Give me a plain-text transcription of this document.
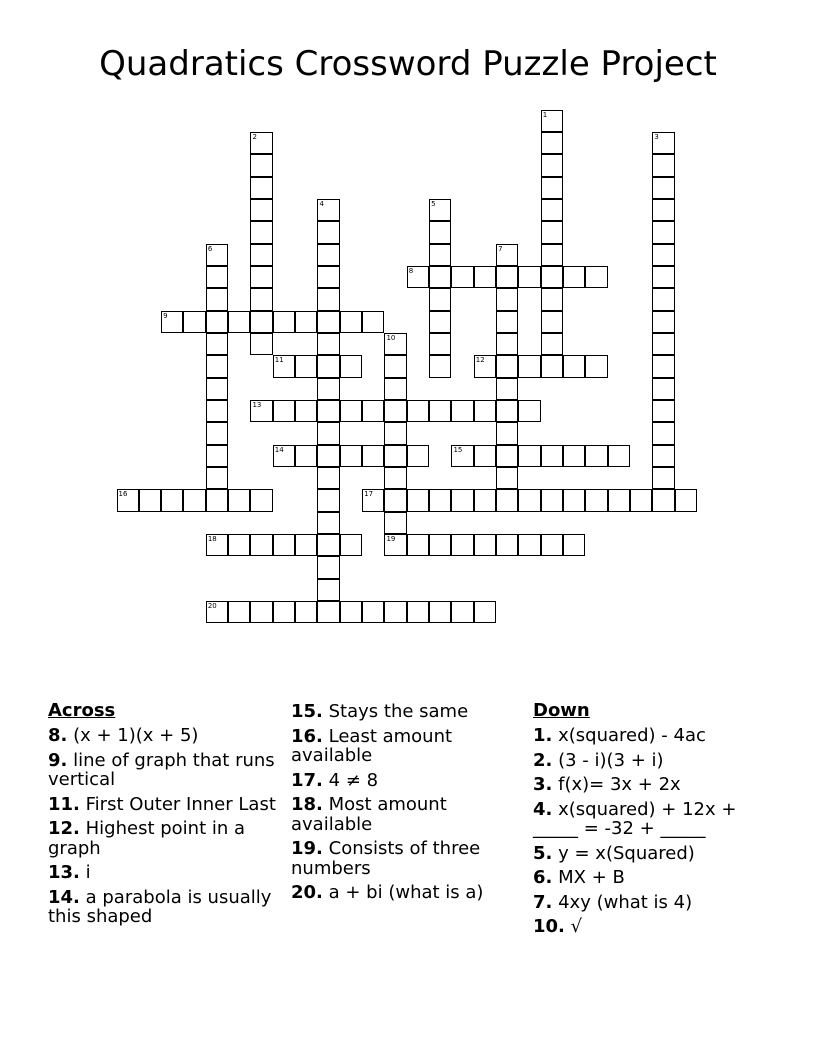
Quadratics Crossword Puzzle Project
1
2	3
4	5
6	7
8
9
10
19
11	12
13
14	15
16	17
18
20
Across
8. (x + 1)(x + 5)
9. line of graph that runs vertical
11. First Outer Inner Last
12. Highest point in a graph
13. i
14. a parabola is usually this shaped
15. Stays the same
16. Least amount available
17. 4 ≠ 8
18. Most amount available
19. Consists of three numbers
20. a + bi (what is a)
Down
1. x(squared) - 4ac
2. (3 - i)(3 + i)
3. f(x)= 3x + 2x
4. x(squared) + 12x + _____ = -32 + _____
5. y = x(Squared)
6. MX + B
7. 4xy (what is 4)
10. √
